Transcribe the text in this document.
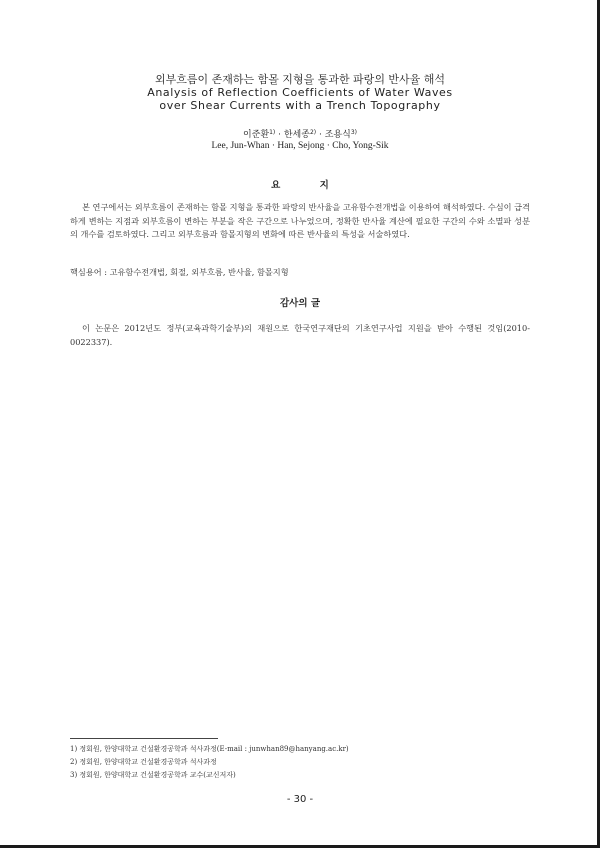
외부흐름이 존재하는 함몰 지형을 통과한 파랑의 반사율 해석
Analysis of Reflection Coefficients of Water Waves
over Shear Currents with a Trench Topography
이준환$^{1)}$ · 한세종$^{2)}$ · 조용식$^{3)}$
Lee, Jun-Whan · Han, Sejong · Cho, Yong-Sik
요 지
본 연구에서는 외부흐름이 존재하는 함몰 지형을 통과한 파랑의 반사율을 고유함수전개법을 이용하여 해석하였다. 수심이 급격하게 변하는 지점과 외부흐름이 변하는 부분을 작은 구간으로 나누었으며, 정확한 반사율 계산에 필요한 구간의 수와 소멸파 성분의 개수를 검토하였다. 그리고 외부흐름과 함몰지형의 변화에 따른 반사율의 특성을 서술하였다.
핵심용어 : 고유함수전개법, 회절, 외부흐름, 반사율, 함몰지형
감사의 글
이 논문은 2012년도 정부(교육과학기술부)의 재원으로 한국연구재단의 기초연구사업 지원을 받아 수행된 것임(2010-0022337).
1) 정회원, 한양대학교 건설환경공학과 석사과정(E-mail : junwhan89@hanyang.ac.kr)
2) 정회원, 한양대학교 건설환경공학과 석사과정
3) 정회원, 한양대학교 건설환경공학과 교수(교신저자)
- 30 -
